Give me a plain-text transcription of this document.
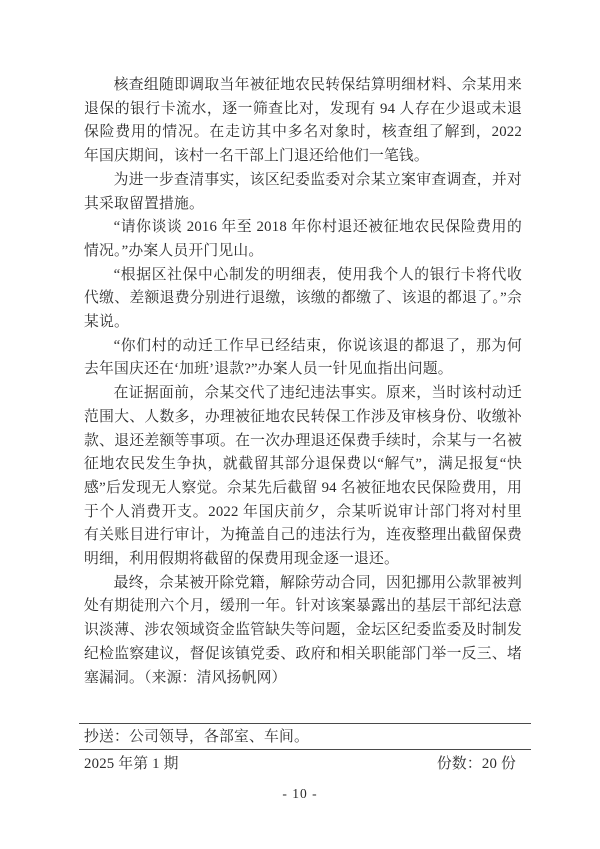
核查组随即调取当年被征地农民转保结算明细材料、佘某用来退保的银行卡流水，逐一筛查比对，发现有 94 人存在少退或未退保险费用的情况。在走访其中多名对象时，核查组了解到，2022 年国庆期间，该村一名干部上门退还给他们一笔钱。

为进一步查清事实，该区纪委监委对佘某立案审查调查，并对其采取留置措施。

“请你谈谈 2016 年至 2018 年你村退还被征地农民保险费用的情况。”办案人员开门见山。

“根据区社保中心制发的明细表，使用我个人的银行卡将代收代缴、差额退费分别进行退缴，该缴的都缴了、该退的都退了。”佘某说。

“你们村的动迁工作早已经结束，你说该退的都退了，那为何去年国庆还在‘加班’退款?”办案人员一针见血指出问题。

在证据面前，佘某交代了违纪违法事实。原来，当时该村动迁范围大、人数多，办理被征地农民转保工作涉及审核身份、收缴补款、退还差额等事项。在一次办理退还保费手续时，佘某与一名被征地农民发生争执，就截留其部分退保费以“解气”，满足报复“快感”后发现无人察觉。佘某先后截留 94 名被征地农民保险费用，用于个人消费开支。2022 年国庆前夕，佘某听说审计部门将对村里有关账目进行审计，为掩盖自己的违法行为，连夜整理出截留保费明细，利用假期将截留的保费用现金逐一退还。

最终，佘某被开除党籍，解除劳动合同，因犯挪用公款罪被判处有期徒刑六个月，缓刑一年。针对该案暴露出的基层干部纪法意识淡薄、涉农领域资金监管缺失等问题，金坛区纪委监委及时制发纪检监察建议，督促该镇党委、政府和相关职能部门举一反三、堵塞漏洞。（来源：清风扬帆网）

抄送：公司领导，各部室、车间。
2025 年第 1 期	份数：20 份
- 10 -
